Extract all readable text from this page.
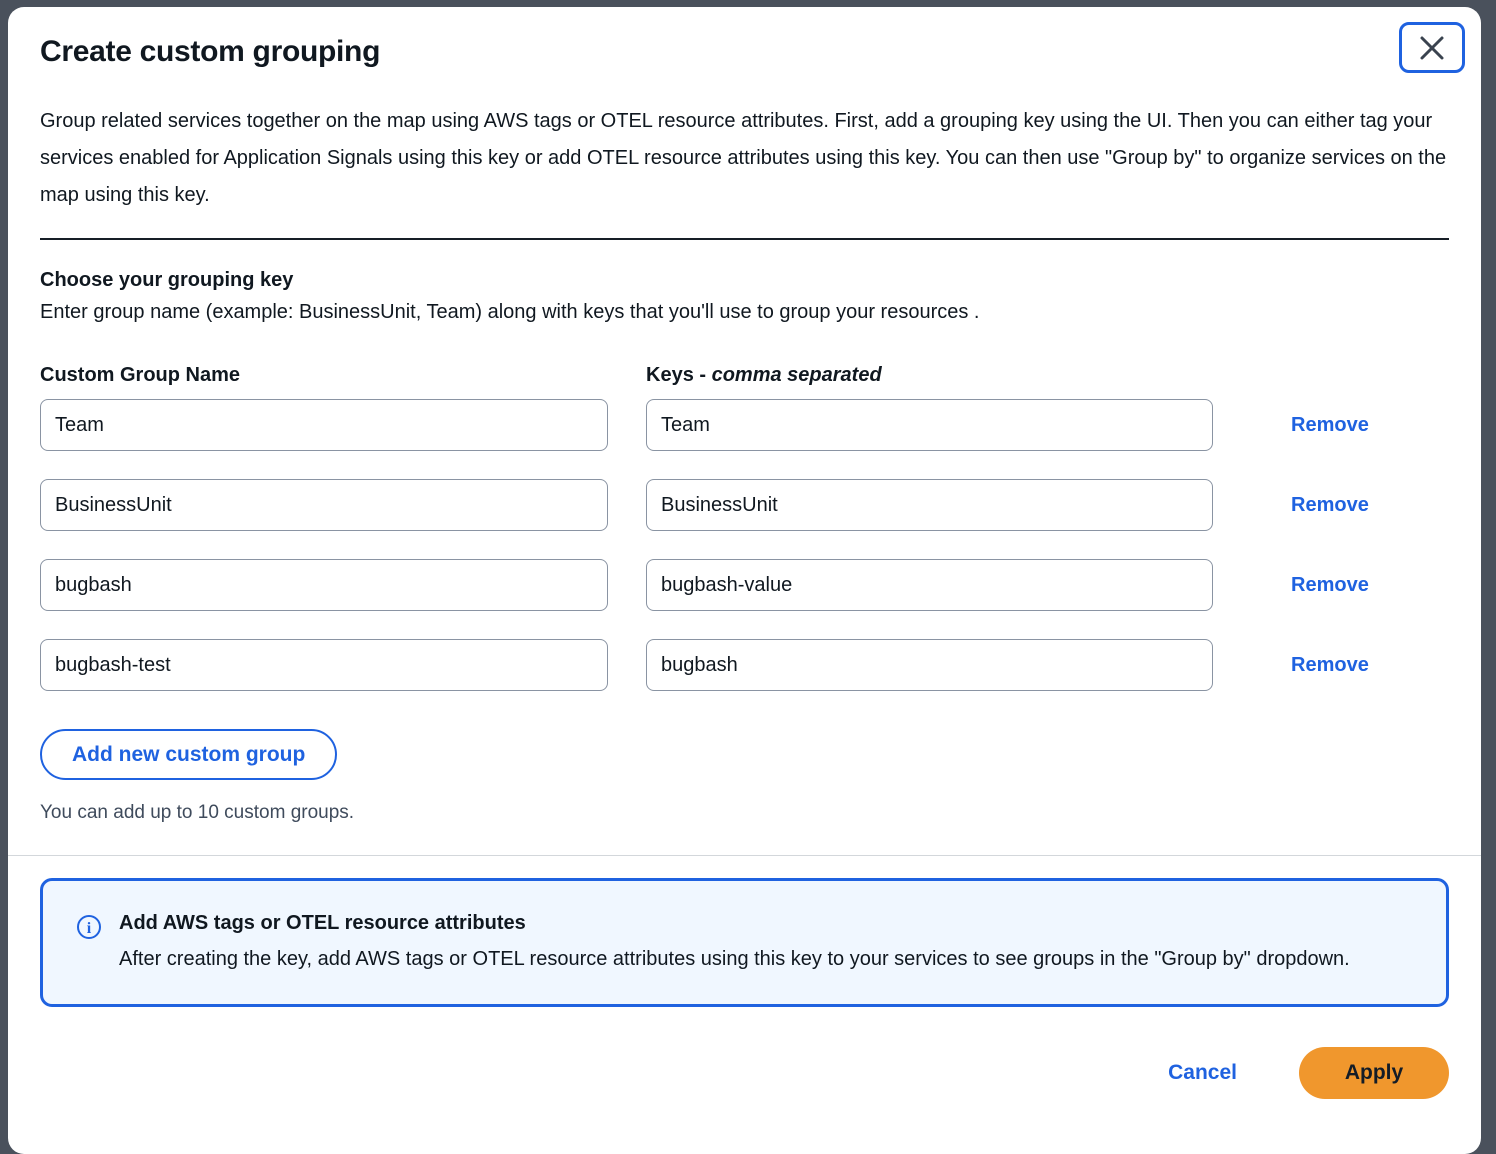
Create custom grouping

Group related services together on the map using AWS tags or OTEL resource attributes. First, add a grouping key using the UI. Then you can either tag your services enabled for Application Signals using this key or add OTEL resource attributes using this key. You can then use "Group by" to organize services on the map using this key.

Choose your grouping key
Enter group name (example: BusinessUnit, Team) along with keys that you'll use to group your resources .
Custom Group Name	Keys - comma separated
Team
Team
Remove
BusinessUnit
BusinessUnit
Remove
bugbash
bugbash-value
Remove
bugbash-test
bugbash
Remove
Add new custom group
You can add up to 10 custom groups.
i	Add AWS tags or OTEL resource attributes
After creating the key, add AWS tags or OTEL resource attributes using this key to your services to see groups in the "Group by" dropdown.
Cancel	Apply
